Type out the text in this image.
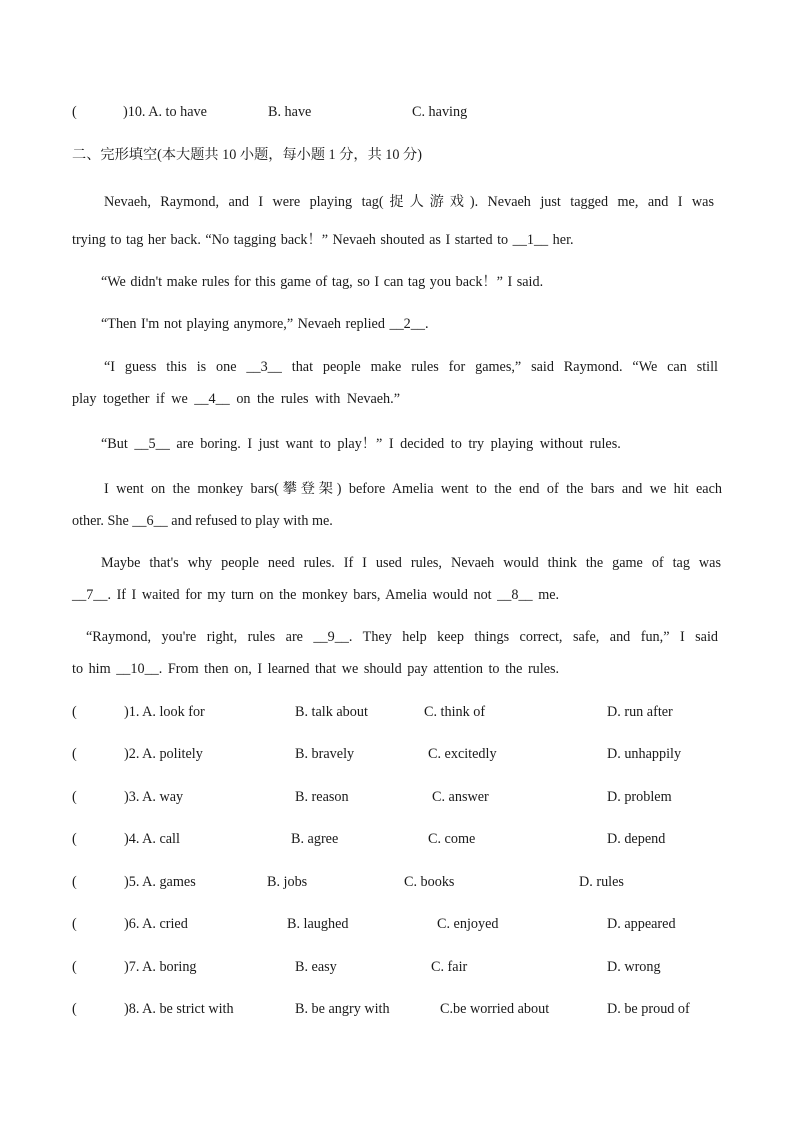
(	)10. A. to have	B. have	C. having
二、完形填空(本大题共 10 小题，每小题 1 分，共 10 分)
Nevaeh, Raymond, and I were playing tag(捉人游戏). Nevaeh just tagged me, and I was
trying to tag her back. “No tagging back！” Nevaeh shouted as I started to __1__ her.
“We didn't make rules for this game of tag, so I can tag you back！” I said.
“Then I'm not playing anymore,” Nevaeh replied __2__.
“I guess this is one __3__ that people make rules for games,” said Raymond. “We can still
play together if we __4__ on the rules with Nevaeh.”
“But __5__ are boring. I just want to play！” I decided to try playing without rules.
I went on the monkey bars(攀登架) before Amelia went to the end of the bars and we hit each
other. She __6__ and refused to play with me.
Maybe that's why people need rules. If I used rules, Nevaeh would think the game of tag was
__7__. If I waited for my turn on the monkey bars, Amelia would not __8__ me.
“Raymond, you're right, rules are __9__. They help keep things correct, safe, and fun,” I said
to him __10__. From then on, I learned that we should pay attention to the rules.
(	)1. A. look for	B. talk about	C. think of	D. run after
(	)2. A. politely	B. bravely	C. excitedly	D. unhappily
(	)3. A. way	B. reason	C. answer	D. problem
(	)4. A. call	B. agree	C. come	D. depend
(	)5. A. games	B. jobs	C. books	D. rules
(	)6. A. cried	B. laughed	C. enjoyed	D. appeared
(	)7. A. boring	B. easy	C. fair	D. wrong
(	)8. A. be strict with	B. be angry with	C.be worried about	D. be proud of
